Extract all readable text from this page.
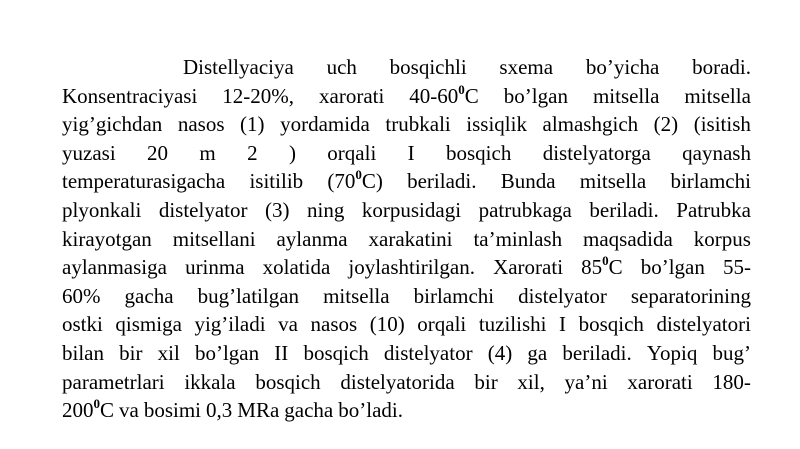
Distellyaciya uch bosqichli sxema bo’yicha boradi.
Konsentraciyasi 12-20%, xarorati $40-60^0C$ bo’lgan mitsella mitsella
yig’gichdan nasos (1) yordamida trubkali issiqlik almashgich (2) (isitish
yuzasi 20 m 2 ) orqali I bosqich distelyatorga qaynash
temperaturasigacha isitilib $(70^0C)$ beriladi. Bunda mitsella birlamchi
plyonkali distelyator (3) ning korpusidagi patrubkaga beriladi. Patrubka
kirayotgan mitsellani aylanma xarakatini ta’minlash maqsadida korpus
aylanmasiga urinma xolatida joylashtirilgan. Xarorati $85^0C$ bo’lgan 55-
60% gacha bug’latilgan mitsella birlamchi distelyator separatorining
ostki qismiga yig’iladi va nasos (10) orqali tuzilishi I bosqich distelyatori
bilan bir xil bo’lgan II bosqich distelyator (4) ga beriladi. Yopiq bug’
parametrlari ikkala bosqich distelyatorida bir xil, ya’ni xarorati 180-
$200^0C$ va bosimi 0,3 MRa gacha bo’ladi.
